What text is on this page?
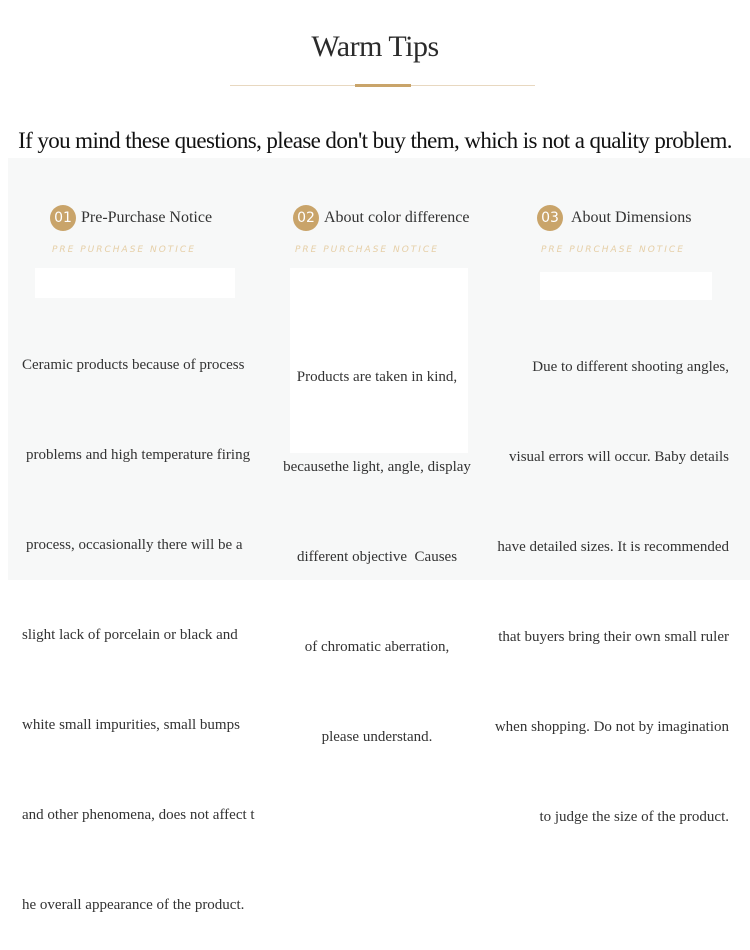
Warm Tips
If you mind these questions, please don't buy them, which is not a quality problem.
01 Pre-Purchase Notice
PRE PURCHASE NOTICE

Ceramic products because of process

problems and high temperature firing

process, occasionally there will be a

slight lack of porcelain or black and

white small impurities, small bumps

and other phenomena, does not affect t

he overall appearance of the product.

02 About color difference
PRE PURCHASE NOTICE

Products are taken in kind,

becausethe light, angle, display

different objective  Causes

of chromatic aberration,

please understand.

03 About Dimensions
PRE PURCHASE NOTICE

Due to different shooting angles,

visual errors will occur. Baby details

have detailed sizes. It is recommended

that buyers bring their own small ruler

when shopping. Do not by imagination

to judge the size of the product.
